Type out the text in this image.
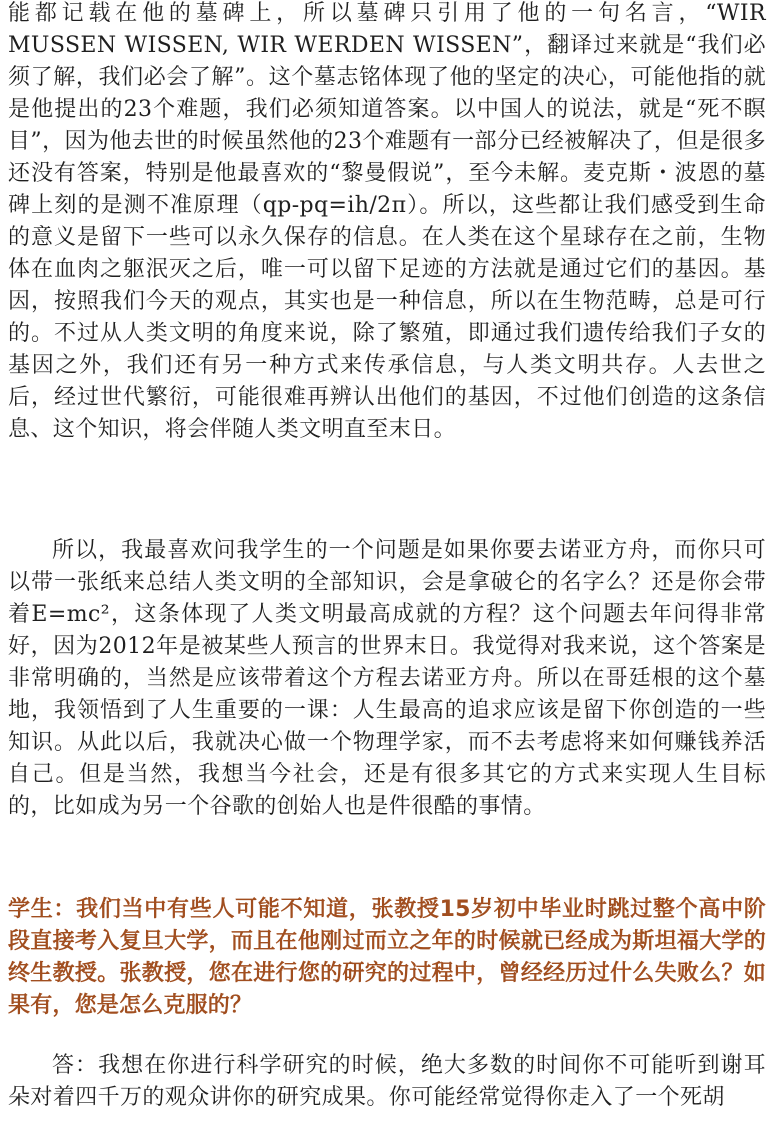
能都记载在他的墓碑上，所以墓碑只引用了他的一句名言，“WIR MUSSEN WISSEN, WIR WERDEN WISSEN”，翻译过来就是“我们必须了解，我们必会了解”。这个墓志铭体现了他的坚定的决心，可能他指的就是他提出的23个难题，我们必须知道答案。以中国人的说法，就是“死不瞑目”，因为他去世的时候虽然他的23个难题有一部分已经被解决了，但是很多还没有答案，特别是他最喜欢的“黎曼假说”，至今未解。麦克斯・波恩的墓碑上刻的是测不准原理（qp-pq=ih/2π）。所以，这些都让我们感受到生命的意义是留下一些可以永久保存的信息。在人类在这个星球存在之前，生物体在血肉之躯泯灭之后，唯一可以留下足迹的方法就是通过它们的基因。基因，按照我们今天的观点，其实也是一种信息，所以在生物范畴，总是可行的。不过从人类文明的角度来说，除了繁殖，即通过我们遗传给我们子女的基因之外，我们还有另一种方式来传承信息，与人类文明共存。人去世之后，经过世代繁衍，可能很难再辨认出他们的基因，不过他们创造的这条信息、这个知识，将会伴随人类文明直至末日。

所以，我最喜欢问我学生的一个问题是如果你要去诺亚方舟，而你只可以带一张纸来总结人类文明的全部知识，会是拿破仑的名字么？还是你会带着E=mc²，这条体现了人类文明最高成就的方程？这个问题去年问得非常好，因为2012年是被某些人预言的世界末日。我觉得对我来说，这个答案是非常明确的，当然是应该带着这个方程去诺亚方舟。所以在哥廷根的这个墓地，我领悟到了人生重要的一课：人生最高的追求应该是留下你创造的一些知识。从此以后，我就决心做一个物理学家，而不去考虑将来如何赚钱养活自己。但是当然，我想当今社会，还是有很多其它的方式来实现人生目标的，比如成为另一个谷歌的创始人也是件很酷的事情。

学生：我们当中有些人可能不知道，张教授15岁初中毕业时跳过整个高中阶段直接考入复旦大学，而且在他刚过而立之年的时候就已经成为斯坦福大学的终生教授。张教授，您在进行您的研究的过程中，曾经经历过什么失败么？如果有，您是怎么克服的？

答：我想在你进行科学研究的时候，绝大多数的时间你不可能听到谢耳朵对着四千万的观众讲你的研究成果。你可能经常觉得你走入了一个死胡
